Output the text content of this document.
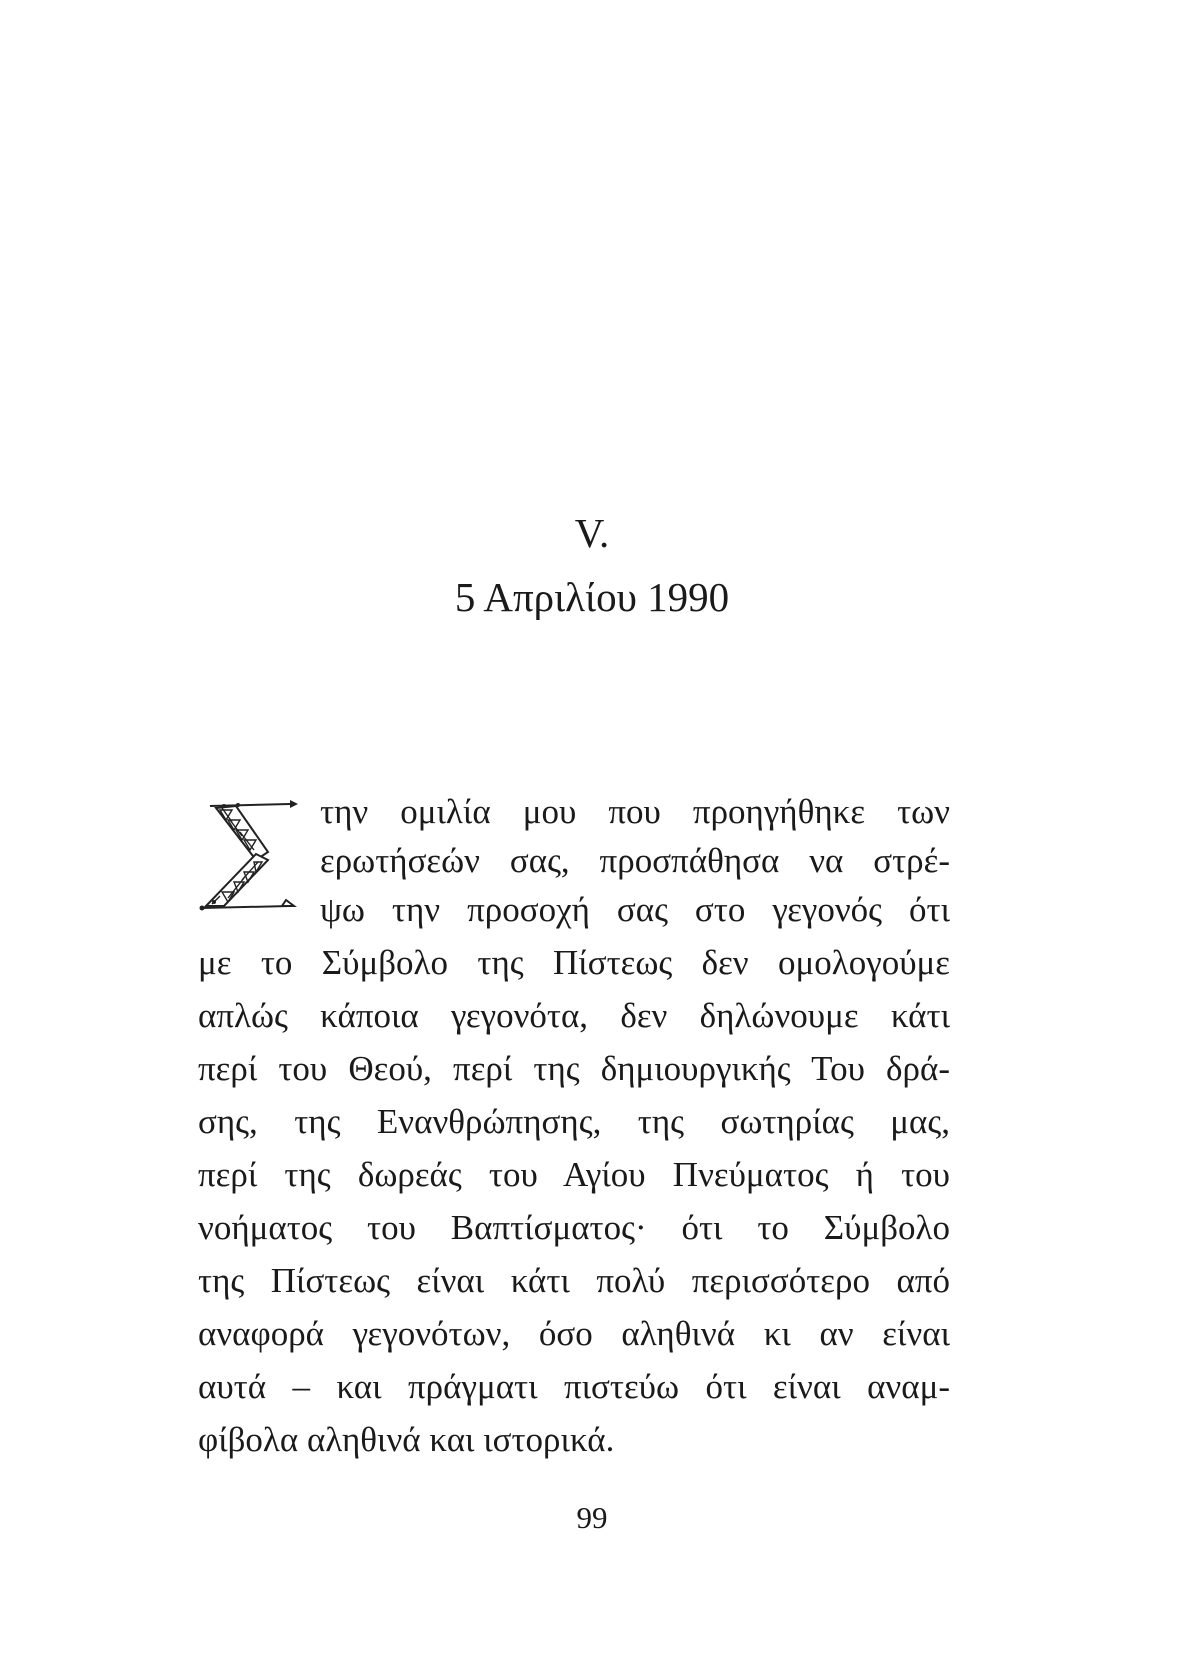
V.
5 Απριλίου 1990
την ομιλία μου που προηγήθηκε των
ερωτήσεών σας, προσπάθησα να στρέ-
ψω την προσοχή σας στο γεγονός ότι
με το Σύμβολο της Πίστεως δεν ομολογούμε
απλώς κάποια γεγονότα, δεν δηλώνουμε κάτι
περί του Θεού, περί της δημιουργικής Του δρά-
σης, της Ενανθρώπησης, της σωτηρίας μας,
περί της δωρεάς του Αγίου Πνεύματος ή του
νοήματος του Βαπτίσματος· ότι το Σύμβολο
της Πίστεως είναι κάτι πολύ περισσότερο από
αναφορά γεγονότων, όσο αληθινά κι αν είναι
αυτά – και πράγματι πιστεύω ότι είναι αναμ-
φίβολα αληθινά και ιστορικά.
99
